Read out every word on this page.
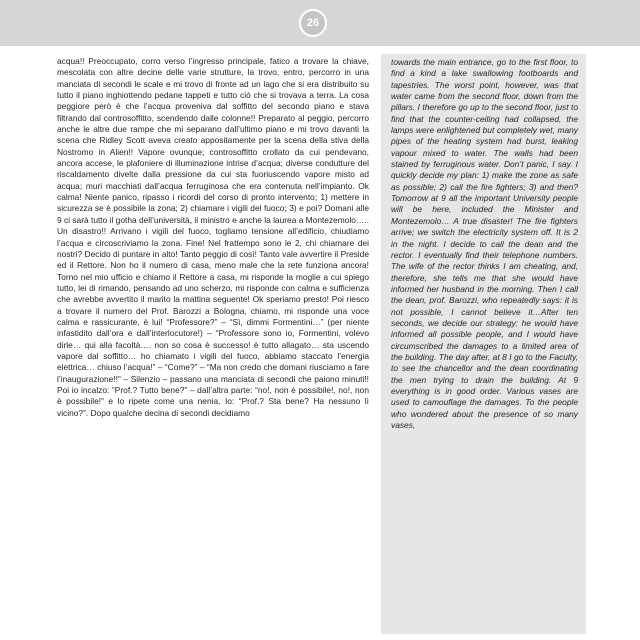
26

acqua!! Preoccupato, corro verso l’ingresso principale, fatico a trovare la chiave, mescolata con altre decine delle varie strutture, la trovo, entro, percorro in una manciata di secondi le scale e mi trovo di fronte ad un lago che si era distribuito su tutto il piano inghiottendo pedane tappeti e tutto ciò che si trovava a terra. La cosa peggiore però è che l’acqua proveniva dal soffitto del secondo piano e stava filtrando dal controsoffitto, scendendo dalle colonne!! Preparato al peggio, percorro anche le altre due rampe che mi separano dall’ultimo piano e mi trovo davanti la scena che Ridley Scott aveva creato appositamente per la scena della stiva della Nostromo in Alien!! Vapore ovunque; controsoffitto crollato da cui pendevano, ancora accese, le plafoniere di illuminazione intrise d’acqua; diverse condutture del riscaldamento divelte dalla pressione da cui sta fuoriuscendo vapore misto ad acqua; muri macchiati dall’acqua ferruginosa che era contenuta nell’impianto. Ok calma! Niente panico, ripasso i ricordi del corso di pronto intervento; 1) mettere in sicurezza se è possibile la zona; 2) chiamare i vigili del fuoco; 3) e poi? Domani alle 9 ci sarà tutto il gotha dell’università, il ministro e anche la laurea a Montezemolo….. Un disastro!! Arrivano i vigili del fuoco, togliamo tensione all’edificio, chiudiamo l’acqua e circoscriviamo la zona. Fine! Nel frattempo sono le 2, chi chiamare dei nostri? Decido di puntare in alto! Tanto peggio di così! Tanto vale avvertire il Preside ed il Rettore. Non ho il numero di casa, meno male che la rete funziona ancora! Torno nel mio ufficio e chiamo il Rettore a casa, mi risponde la moglie a cui spiego tutto, lei di rimando, pensando ad uno scherzo, mi risponde con calma e sufficienza che avrebbe avvertito il marito la mattina seguente! Ok speriamo presto! Poi riesco a trovare il numero del Prof. Barozzi a Bologna, chiamo, mi risponde una voce calma e rassicurante, è lui! “Professore?” – “Sì, dimmi Formentini…” (per niente infastidito dall’ora e dall’interlocutore!) – “Professore sono io, Formentini, volevo dirle… qui alla facoltà…. non so cosa è successo! è tutto allagato… sta uscendo vapore dal soffitto… ho chiamato i vigili del fuoco, abbiamo staccato l’energia elettrica… chiuso l’acqua!” – “Come?” – “Ma non credo che domani riusciamo a fare l’inaugurazione!!” – Silenzio – passano una manciata di secondi che paiono minuti!! Poi io incalzo: “Prof.? Tutto bene?” – dall’altra parte: “no!, non è possibile!, no!, non è possibile!” e lo ripete come una nenia. Io: “Prof.? Sta bene? Ha nessuno lì vicino?”. Dopo qualche decina di secondi decidiamo

towards the main entrance, go to the first floor, to find a kind a lake swallowing footboards and tapestries. The worst point, however, was that water came from the second floor, down from the pillars. I therefore go up to the second floor, just to find that the counter-ceiling had collapsed, the lamps were enlightened but completely wet, many pipes of the heating system had burst, leaking vapour mixed to water. The walls had been stained by ferruginous water. Don’t panic, I say. I quickly decide my plan: 1) make the zone as safe as possible; 2) call the fire fighters; 3) and then? Tomorrow at 9 all the important University people will be here, included the Minister and Montezemolo… A true disaster! The fire fighters arrive; we switch the electricity system off. It is 2 in the night. I decide to call the dean and the rector. I eventually find their telephone numbers. The wife of the rector thinks I am cheating, and, therefore, she tells me that she would have informed her husband in the morning. Then I call the dean, prof. Barozzi, who repeatedly says: it is not possible, I cannot believe it…After ten seconds, we decide our strategy: he would have informed all possible people, and I would have circumscribed the damages to a limited area of the building. The day after, at 8 I go to the Faculty, to see the chancellor and the dean coordinating the men trying to drain the building. At 9 everything is in good order. Various vases are used to camouflage the damages. To the people who wondered about the presence of so many vases,
